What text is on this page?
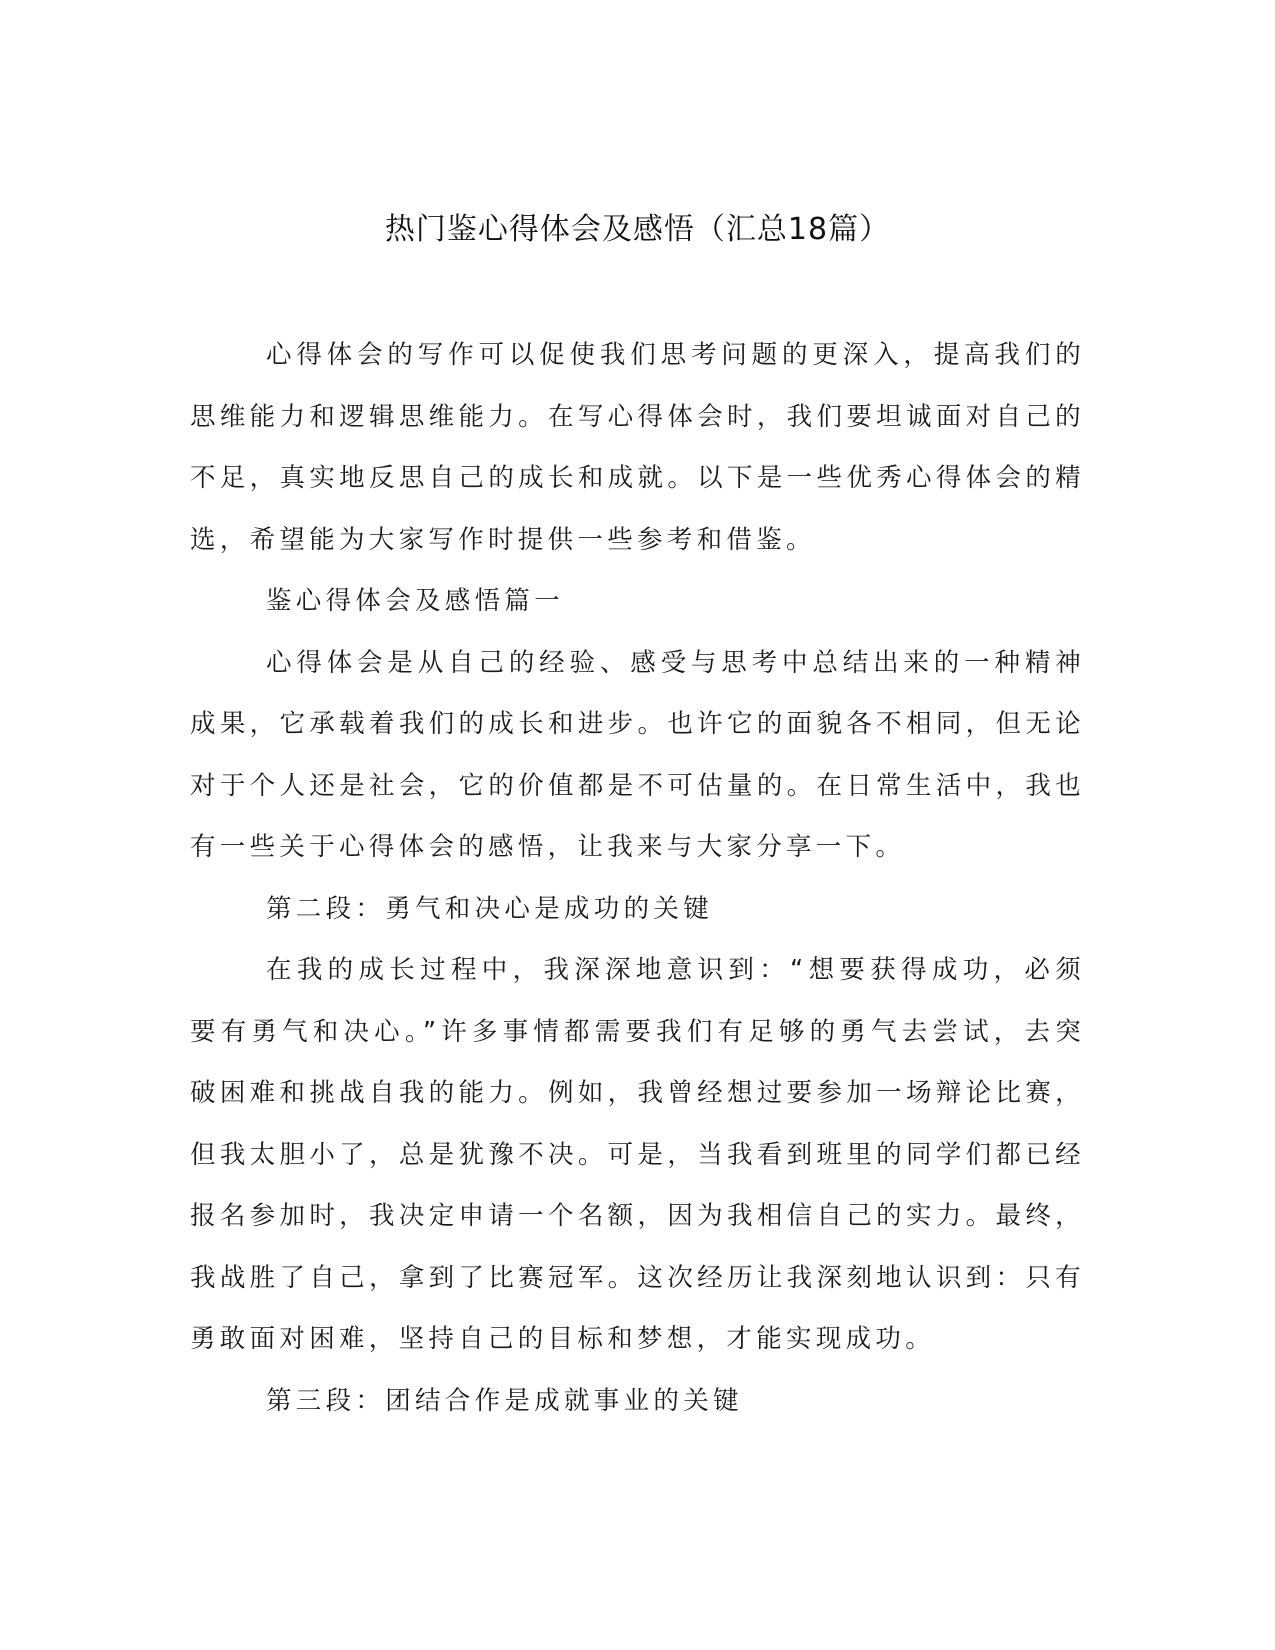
热门鉴心得体会及感悟（汇总18篇）

心得体会的写作可以促使我们思考问题的更深入，提高我们的思维能力和逻辑思维能力。在写心得体会时，我们要坦诚面对自己的不足，真实地反思自己的成长和成就。以下是一些优秀心得体会的精选，希望能为大家写作时提供一些参考和借鉴。

鉴心得体会及感悟篇一

心得体会是从自己的经验、感受与思考中总结出来的一种精神成果，它承载着我们的成长和进步。也许它的面貌各不相同，但无论对于个人还是社会，它的价值都是不可估量的。在日常生活中，我也有一些关于心得体会的感悟，让我来与大家分享一下。

第二段：勇气和决心是成功的关键

在我的成长过程中，我深深地意识到：“想要获得成功，必须要有勇气和决心。”许多事情都需要我们有足够的勇气去尝试，去突破困难和挑战自我的能力。例如，我曾经想过要参加一场辩论比赛，但我太胆小了，总是犹豫不决。可是，当我看到班里的同学们都已经报名参加时，我决定申请一个名额，因为我相信自己的实力。最终，我战胜了自己，拿到了比赛冠军。这次经历让我深刻地认识到：只有勇敢面对困难，坚持自己的目标和梦想，才能实现成功。

第三段：团结合作是成就事业的关键
